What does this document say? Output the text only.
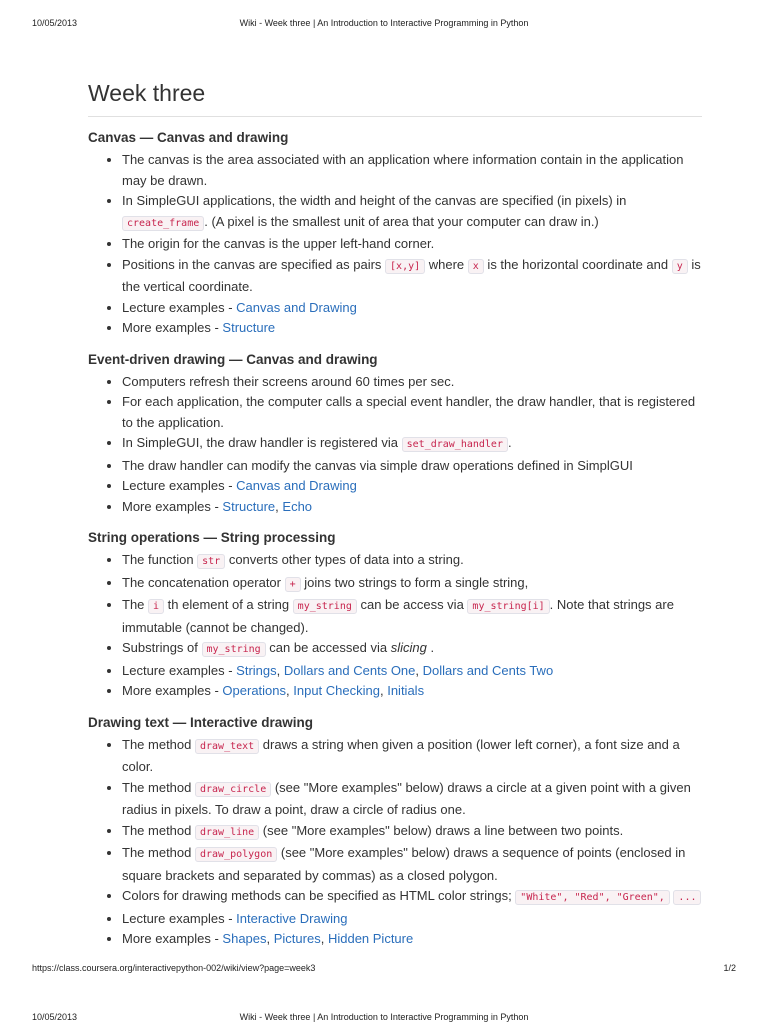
10/05/2013	Wiki - Week three | An Introduction to Interactive Programming in Python
Week three
Canvas — Canvas and drawing
• The canvas is the area associated with an application where information contain in the application may be drawn.
• In SimpleGUI applications, the width and height of the canvas are specified (in pixels) in create_frame . (A pixel is the smallest unit of area that your computer can draw in.)
• The origin for the canvas is the upper left-hand corner.
• Positions in the canvas are specified as pairs [x,y] where x is the horizontal coordinate and y is the vertical coordinate.
• Lecture examples - Canvas and Drawing
• More examples - Structure
Event-driven drawing — Canvas and drawing
• Computers refresh their screens around 60 times per sec.
• For each application, the computer calls a special event handler, the draw handler, that is registered to the application.
• In SimpleGUI, the draw handler is registered via set_draw_handler .
• The draw handler can modify the canvas via simple draw operations defined in SimplGUI
• Lecture examples - Canvas and Drawing
• More examples - Structure, Echo
String operations — String processing
• The function str converts other types of data into a string.
• The concatenation operator + joins two strings to form a single string,
• The i th element of a string my_string can be access via my_string[i] . Note that strings are immutable (cannot be changed).
• Substrings of my_string can be accessed via slicing .
• Lecture examples - Strings, Dollars and Cents One, Dollars and Cents Two
• More examples - Operations, Input Checking, Initials
Drawing text — Interactive drawing
• The method draw_text draws a string when given a position (lower left corner), a font size and a color.
• The method draw_circle (see "More examples" below) draws a circle at a given point with a given radius in pixels. To draw a point, draw a circle of radius one.
• The method draw_line (see "More examples" below) draws a line between two points.
• The method draw_polygon (see "More examples" below) draws a sequence of points (enclosed in square brackets and separated by commas) as a closed polygon.
• Colors for drawing methods can be specified as HTML color strings; "White", "Red", "Green", ...
• Lecture examples - Interactive Drawing
• More examples - Shapes, Pictures, Hidden Picture
https://class.coursera.org/interactivepython-002/wiki/view?page=week3	1/2
10/05/2013	Wiki - Week three | An Introduction to Interactive Programming in Python
